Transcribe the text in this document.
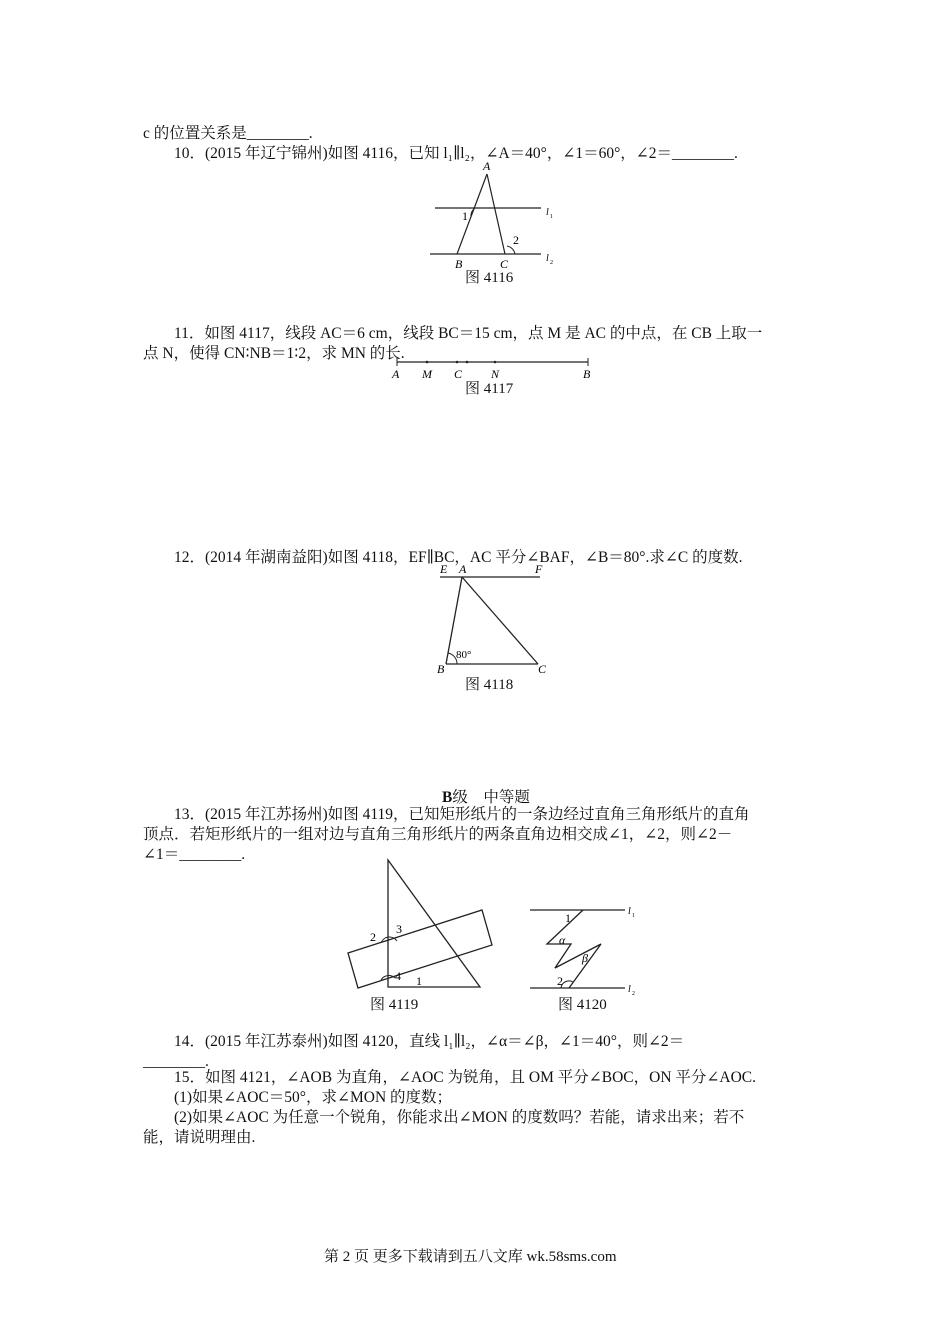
c 的位置关系是________.
10．(2015 年辽宁锦州)如图 4116，已知 l₁∥l₂，∠A＝40°，∠1＝60°，∠2＝________.
A
1
2
B	C
l 1
l 2
图 4116
11．如图 4117，线段 AC＝6 cm，线段 BC＝15 cm，点 M 是 AC 的中点，在 CB 上取一
点 N，使得 CN∶NB＝1∶2，求 MN 的长.
A M C N	B
图 4117
12．(2014 年湖南益阳)如图 4118，EF∥BC，AC 平分∠BAF，∠B＝80°.求∠C 的度数.
E A	F
B	C
80°
图 4118
B级　中等题
13．(2015 年江苏扬州)如图 4119，已知矩形纸片的一条边经过直角三角形纸片的直角
顶点．若矩形纸片的一组对边与直角三角形纸片的两条直角边相交成∠1，∠2，则∠2－
∠1＝________.
2
3
4 1
图 4119
1
α
β
2
l 1
l 2
图 4120
14．(2015 年江苏泰州)如图 4120，直线 l₁∥l₂，∠α＝∠β，∠1＝40°，则∠2＝
________.
15．如图 4121，∠AOB 为直角，∠AOC 为锐角，且 OM 平分∠BOC，ON 平分∠AOC.
(1)如果∠AOC＝50°，求∠MON 的度数；
(2)如果∠AOC 为任意一个锐角，你能求出∠MON 的度数吗？若能，请求出来；若不
能，请说明理由.
第 2 页 更多下载请到五八文库 wk.58sms.com
